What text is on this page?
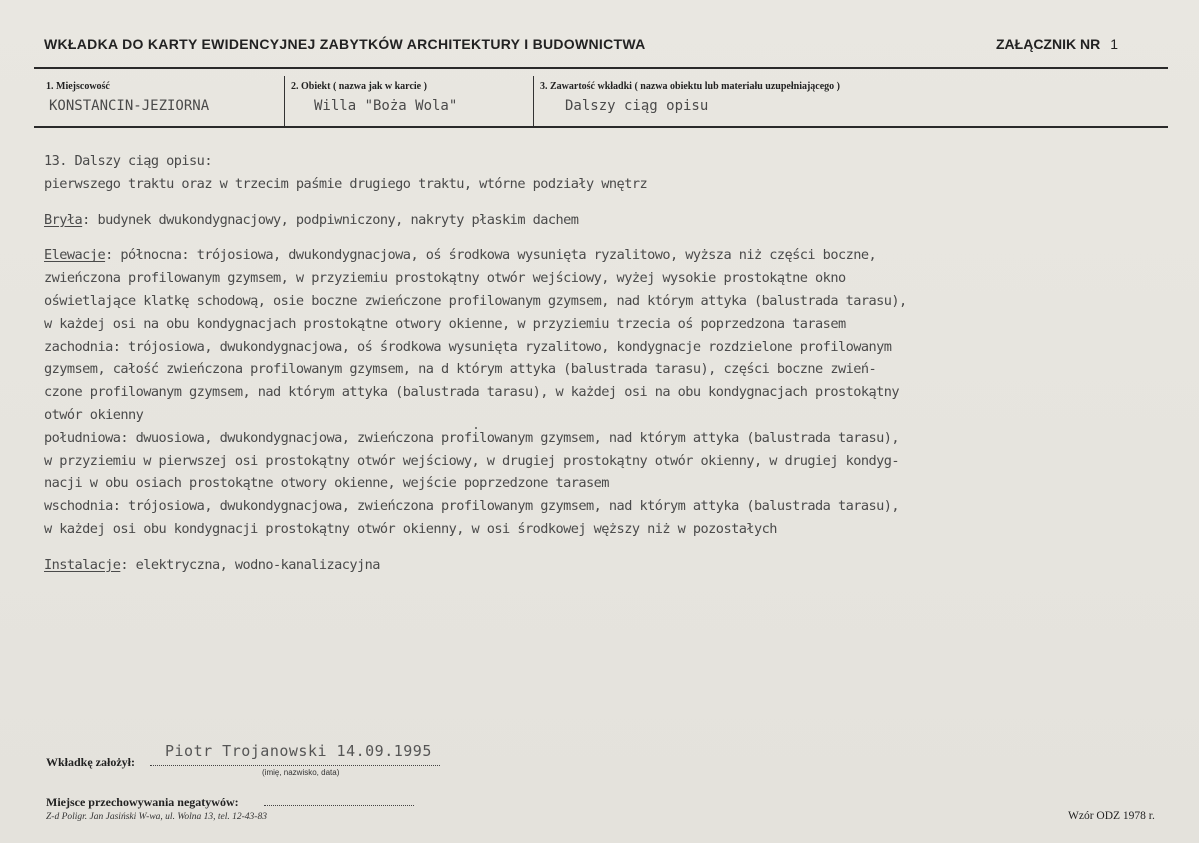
WKŁADKA DO KARTY EWIDENCYJNEJ ZABYTKÓW ARCHITEKTURY I BUDOWNICTWA	ZAŁĄCZNIK NR 1
1. Miejscowość
KONSTANCIN-JEZIORNA
2. Obiekt ( nazwa jak w karcie )
Willa "Boża Wola"
3. Zawartość wkładki ( nazwa obiektu lub materiału uzupełniającego )
Dalszy ciąg opisu
13. Dalszy ciąg opisu:
pierwszego traktu oraz w trzecim paśmie drugiego traktu, wtórne podziały wnętrz
Bryła: budynek dwukondygnacjowy, podpiwniczony, nakryty płaskim dachem
Elewacje: północna: trójosiowa, dwukondygnacjowa, oś środkowa wysunięta ryzalitowo, wyższa niż części boczne,
zwieńczona profilowanym gzymsem, w przyziemiu prostokątny otwór wejściowy, wyżej wysokie prostokątne okno
oświetlające klatkę schodową, osie boczne zwieńczone profilowanym gzymsem, nad którym attyka (balustrada tarasu),
w każdej osi na obu kondygnacjach prostokątne otwory okienne, w przyziemiu trzecia oś poprzedzona tarasem
zachodnia: trójosiowa, dwukondygnacjowa, oś środkowa wysunięta ryzalitowo, kondygnacje rozdzielone profilowanym
gzymsem, całość zwieńczona profilowanym gzymsem, na d którym attyka (balustrada tarasu), części boczne zwień-
czone profilowanym gzymsem, nad którym attyka (balustrada tarasu), w każdej osi na obu kondygnacjach prostokątny
otwór okienny
południowa: dwuosiowa, dwukondygnacjowa, zwieńczona profilowanym gzymsem, nad którym attyka (balustrada tarasu),
w przyziemiu w pierwszej osi prostokątny otwór wejściowy, w drugiej prostokątny otwór okienny, w drugiej kondyg-
nacji w obu osiach prostokątne otwory okienne, wejście poprzedzone tarasem
wschodnia: trójosiowa, dwukondygnacjowa, zwieńczona profilowanym gzymsem, nad którym attyka (balustrada tarasu),
w każdej osi obu kondygnacji prostokątny otwór okienny, w osi środkowej węższy niż w pozostałych
Instalacje: elektryczna, wodno-kanalizacyjna
Wkładkę założył:
Piotr Trojanowski 14.09.1995
(imię, nazwisko, data)
Miejsce przechowywania negatywów:
Z-d Poligr. Jan Jasiński W-wa, ul. Wolna 13, tel. 12-43-83	Wzór ODZ 1978 r.
